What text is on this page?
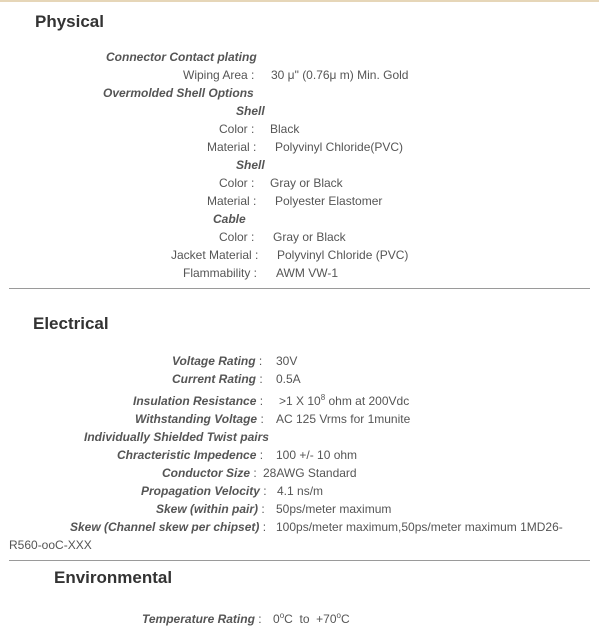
Physical
Connector Contact plating
Wiping Area : 30 μ" (0.76μ m) Min. Gold
Overmolded Shell Options
Shell
Color : Black
Material : Polyvinyl Chloride(PVC)
Shell
Color : Gray or Black
Material : Polyester Elastomer
Cable
Color : Gray or Black
Jacket Material : Polyvinyl Chloride (PVC)
Flammability : AWM VW-1
Electrical
Voltage Rating : 30V
Current Rating : 0.5A
Insulation Resistance : >1 X $10^8$ ohm at 200Vdc
Withstanding Voltage : AC 125 Vrms for 1munite
Individually Shielded Twist pairs
Chracteristic Impedence : 100 +/- 10 ohm
Conductor Size : 28AWG Standard
Propagation Velocity : 4.1 ns/m
Skew (within pair) : 50ps/meter maximum
Skew (Channel skew per chipset) : 100ps/meter maximum,50ps/meter maximum 1MD26-
R560-ooC-XXX
Environmental
Temperature Rating : 0$^o$C to $+70^oC$
